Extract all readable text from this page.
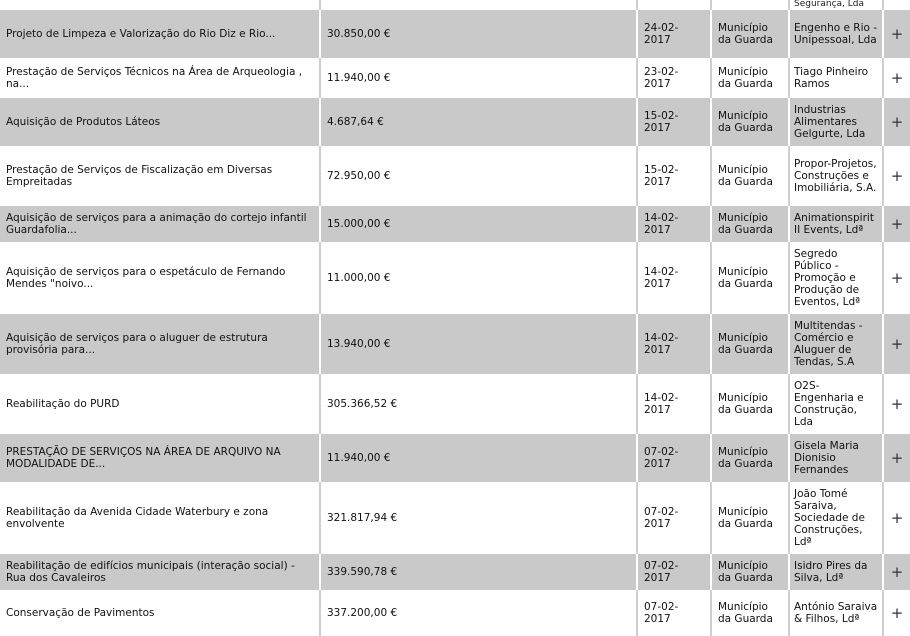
				Segurança, Lda	

Projeto de Limpeza e Valorização do Rio Diz e Rio...	30.850,00 €	24-02-2017	Município da Guarda	Engenho e Rio - Unipessoal, Lda	+
Prestação de Serviços Técnicos na Área de Arqueologia , na...	11.940,00 €	23-02-2017	Município da Guarda	Tiago Pinheiro Ramos	+
Aquisição de Produtos Láteos	4.687,64 €	15-02-2017	Município da Guarda	Industrias Alimentares Gelgurte, Lda	+
Prestação de Serviços de Fiscalização em Diversas Empreitadas	72.950,00 €	15-02-2017	Município da Guarda	Propor-Projetos, Construções e Imobiliária, S.A.	+
Aquisição de serviços para a animação do cortejo infantil Guardafolia...	15.000,00 €	14-02-2017	Município da Guarda	Animationspirit II Events, Ldª	+
Aquisição de serviços para o espetáculo de Fernando Mendes "noivo...	11.000,00 €	14-02-2017	Município da Guarda	Segredo Público - Promoção e Produção de Eventos, Ldª	+
Aquisição de serviços para o aluguer de estrutura provisória para...	13.940,00 €	14-02-2017	Município da Guarda	Multitendas - Comércio e Aluguer de Tendas, S.A	+
Reabilitação do PURD	305.366,52 €	14-02-2017	Município da Guarda	O2S-Engenharia e Construção, Lda	+
PRESTAÇÃO DE SERVIÇOS NA ÁREA DE ARQUIVO NA MODALIDADE DE...	11.940,00 €	07-02-2017	Município da Guarda	Gisela Maria Dionisio Fernandes	+
Reabilitação da Avenida Cidade Waterbury e zona envolvente	321.817,94 €	07-02-2017	Município da Guarda	João Tomé Saraiva, Sociedade de Construções, Ldª	+
Reabilitação de edifícios municipais (interação social) - Rua dos Cavaleiros	339.590,78 €	07-02-2017	Município da Guarda	Isidro Pires da Silva, Ldª	+
Conservação de Pavimentos	337.200,00 €	07-02-2017	Município da Guarda	António Saraiva & Filhos, Ldª	+
